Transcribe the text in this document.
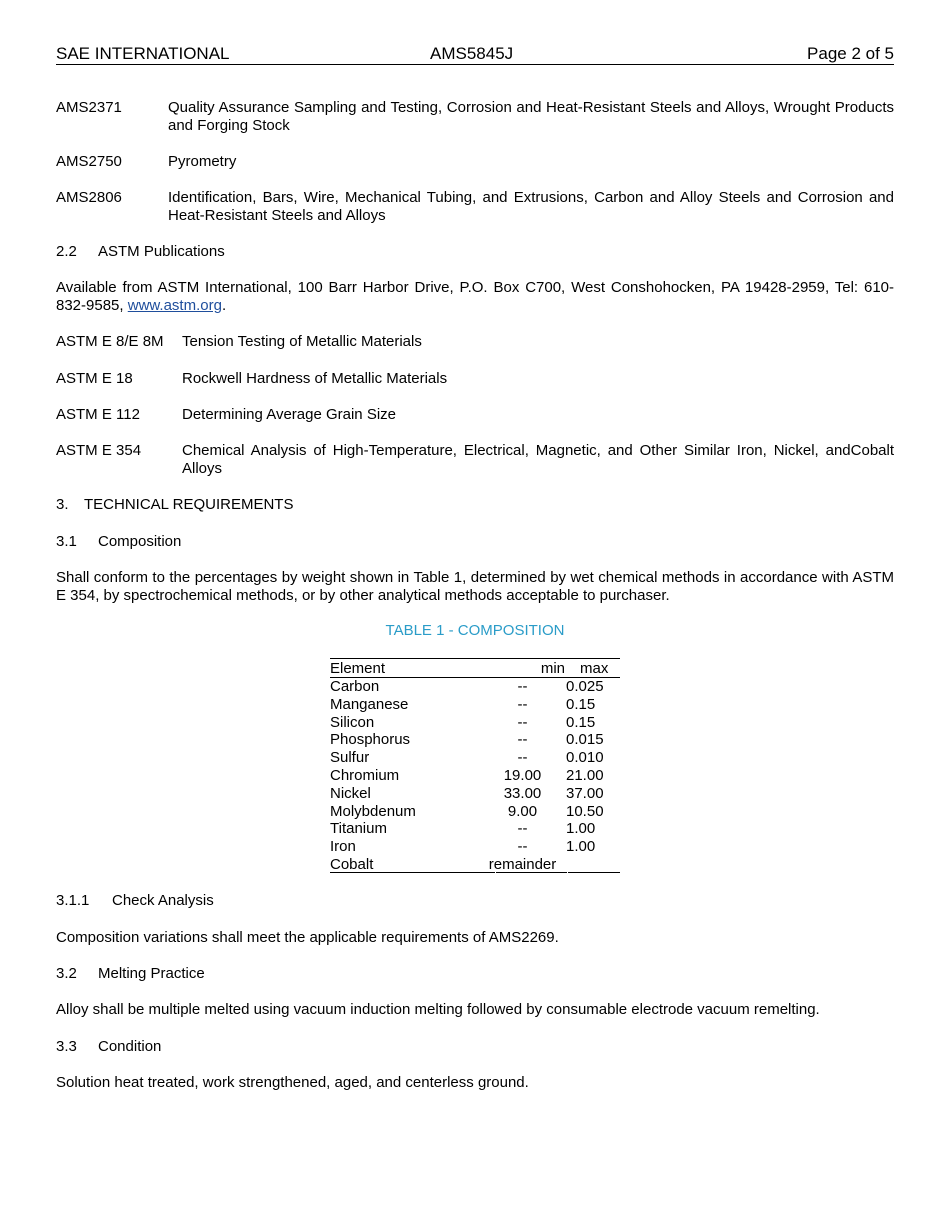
SAE INTERNATIONAL	AMS5845J	Page 2 of 5
AMS2371	Quality Assurance Sampling and Testing, Corrosion and Heat-Resistant Steels and Alloys, Wrought Products and Forging Stock
AMS2750	Pyrometry
AMS2806	Identification, Bars, Wire, Mechanical Tubing, and Extrusions, Carbon and Alloy Steels and Corrosion and Heat-Resistant Steels and Alloys
2.2 ASTM Publications
Available from ASTM International, 100 Barr Harbor Drive, P.O. Box C700, West Conshohocken, PA 19428-2959, Tel: 610-832-9585, www.astm.org.
ASTM E 8/E 8M Tension Testing of Metallic Materials
ASTM E 18	Rockwell Hardness of Metallic Materials
ASTM E 112	Determining Average Grain Size
ASTM E 354	Chemical Analysis of High-Temperature, Electrical, Magnetic, and Other Similar Iron, Nickel, andCobalt Alloys
3. TECHNICAL REQUIREMENTS
3.1 Composition
Shall conform to the percentages by weight shown in Table 1, determined by wet chemical methods in accordance with ASTM E 354, by spectrochemical methods, or by other analytical methods acceptable to purchaser.
TABLE 1 - COMPOSITION
Element	min max
Carbon	--	0.025
Manganese	--	0.15
Silicon	--	0.15
Phosphorus	--	0.015
Sulfur	--	0.010
Chromium	19.00	21.00
Nickel	33.00	37.00
Molybdenum	9.00	10.50
Titanium	--	1.00
Iron	--	1.00
Cobalt	remainder
3.1.1 Check Analysis
Composition variations shall meet the applicable requirements of AMS2269.
3.2 Melting Practice
Alloy shall be multiple melted using vacuum induction melting followed by consumable electrode vacuum remelting.
3.3 Condition
Solution heat treated, work strengthened, aged, and centerless ground.
